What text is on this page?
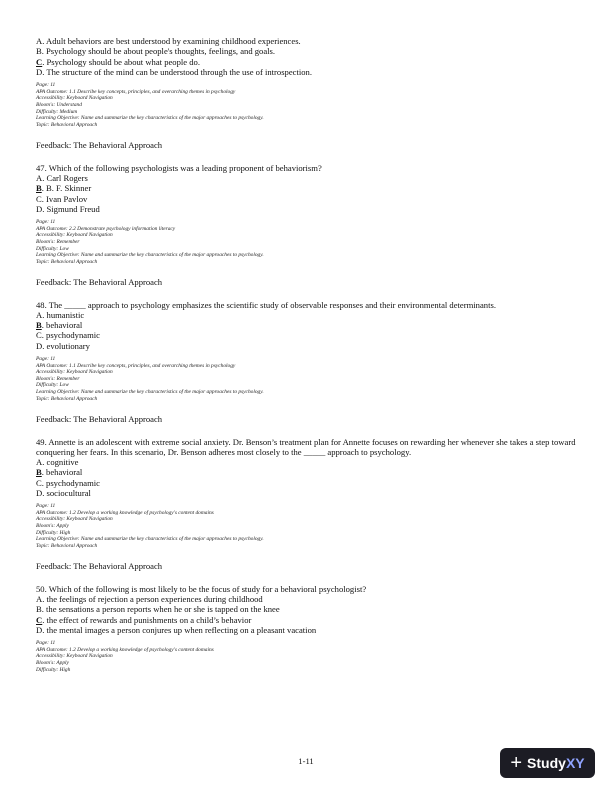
A. Adult behaviors are best understood by examining childhood experiences.
B. Psychology should be about people's thoughts, feelings, and goals.
C. Psychology should be about what people do.
D. The structure of the mind can be understood through the use of introspection.
Page: 11
APA Outcome: 1.1 Describe key concepts, principles, and overarching themes in psychology
Accessibility: Keyboard Navigation
Bloom's: Understand
Difficulty: Medium
Learning Objective: Name and summarize the key characteristics of the major approaches to psychology.
Topic: Behavioral Approach
Feedback: The Behavioral Approach
47. Which of the following psychologists was a leading proponent of behaviorism?
A. Carl Rogers
B. B. F. Skinner
C. Ivan Pavlov
D. Sigmund Freud
Page: 11
APA Outcome: 2.2 Demonstrate psychology information literacy
Accessibility: Keyboard Navigation
Bloom's: Remember
Difficulty: Low
Learning Objective: Name and summarize the key characteristics of the major approaches to psychology.
Topic: Behavioral Approach
Feedback: The Behavioral Approach
48. The _____ approach to psychology emphasizes the scientific study of observable responses and their environmental determinants.
A. humanistic
B. behavioral
C. psychodynamic
D. evolutionary
Page: 11
APA Outcome: 1.1 Describe key concepts, principles, and overarching themes in psychology
Accessibility: Keyboard Navigation
Bloom's: Remember
Difficulty: Low
Learning Objective: Name and summarize the key characteristics of the major approaches to psychology.
Topic: Behavioral Approach
Feedback: The Behavioral Approach
49. Annette is an adolescent with extreme social anxiety. Dr. Benson’s treatment plan for Annette focuses on rewarding her whenever she takes a step toward conquering her fears. In this scenario, Dr. Benson adheres most closely to the _____ approach to psychology.
A. cognitive
B. behavioral
C. psychodynamic
D. sociocultural
Page: 11
APA Outcome: 1.2 Develop a working knowledge of psychology's content domains
Accessibility: Keyboard Navigation
Bloom's: Apply
Difficulty: High
Learning Objective: Name and summarize the key characteristics of the major approaches to psychology.
Topic: Behavioral Approach
Feedback: The Behavioral Approach
50. Which of the following is most likely to be the focus of study for a behavioral psychologist?
A. the feelings of rejection a person experiences during childhood
B. the sensations a person reports when he or she is tapped on the knee
C. the effect of rewards and punishments on a child’s behavior
D. the mental images a person conjures up when reflecting on a pleasant vacation
Page: 11
APA Outcome: 1.2 Develop a working knowledge of psychology's content domains
Accessibility: Keyboard Navigation
Bloom's: Apply
Difficulty: High
1-11	+ Study XY
